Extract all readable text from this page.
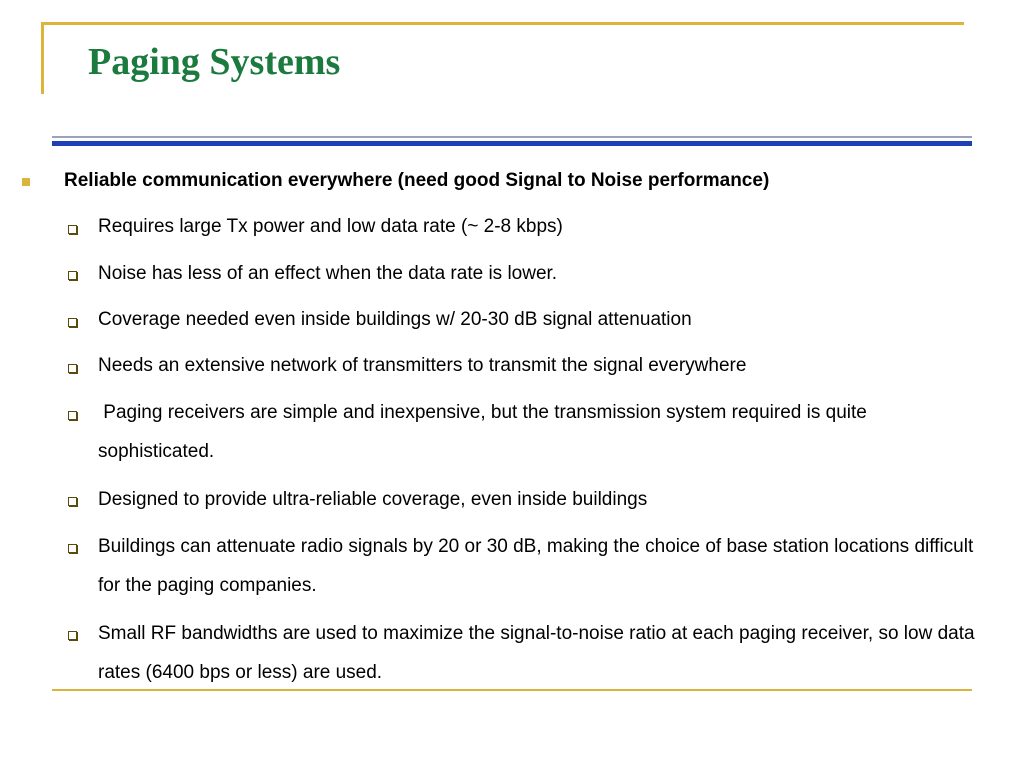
Paging Systems
Reliable communication everywhere (need good Signal to Noise performance)
Requires large Tx power and low data rate (~ 2-8 kbps)
Noise has less of an effect when the data rate is lower.
Coverage needed even inside buildings w/ 20-30 dB signal attenuation
Needs an extensive network of transmitters to transmit the signal everywhere
Paging receivers are simple and inexpensive, but the transmission system required is quite sophisticated.
Designed to provide ultra-reliable coverage, even inside buildings
Buildings can attenuate radio signals by 20 or 30 dB, making the choice of base station locations difficult for the paging companies.
Small RF bandwidths are used to maximize the signal-to-noise ratio at each paging receiver, so low data rates (6400 bps or less) are used.
